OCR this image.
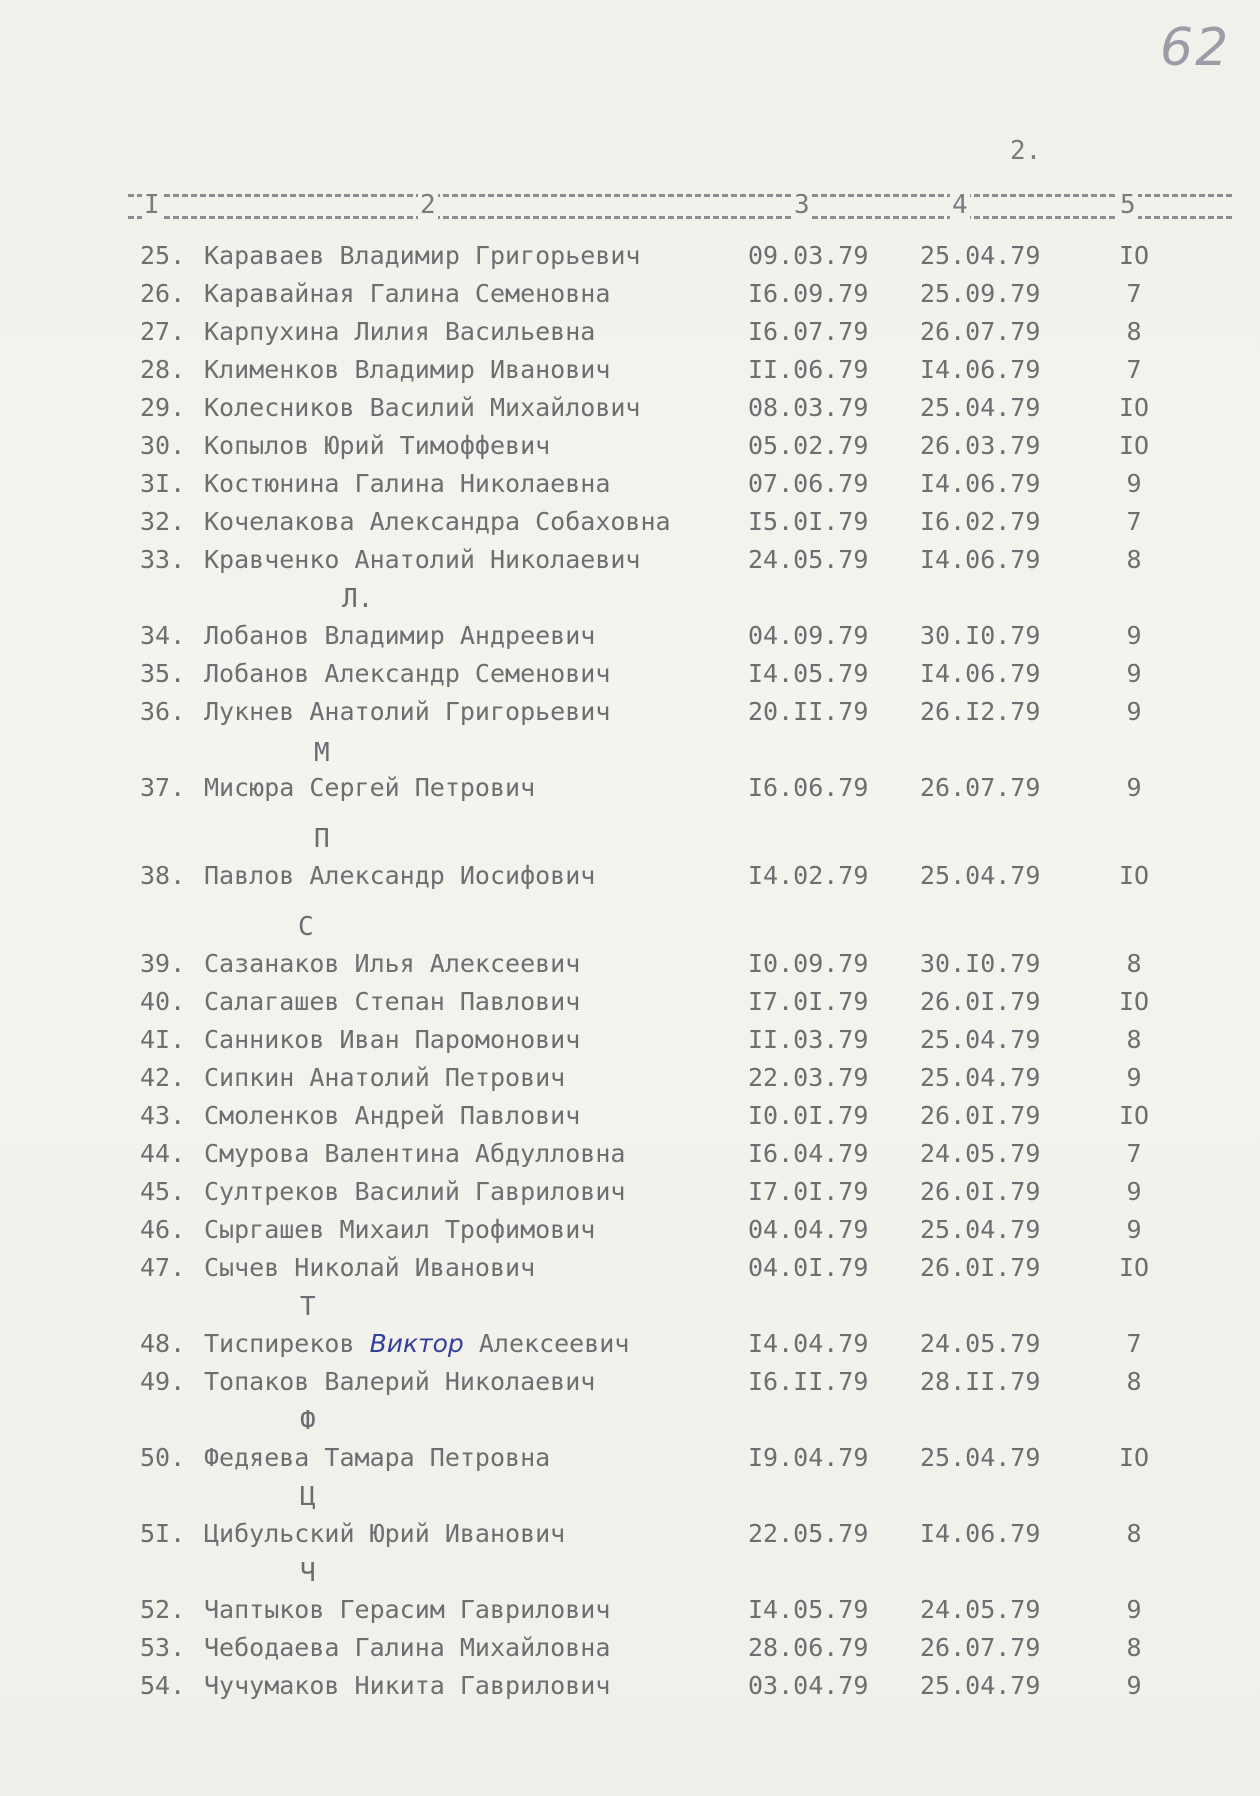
62
2.
I	2	3	4	5
25. Караваев Владимир Григорьевич	09.03.79 25.04.79	IO
26. Каравайная Галина Семеновна	I6.09.79 25.09.79	7
27. Карпухина Лилия Васильевна	I6.07.79 26.07.79	8
28. Клименков Владимир Иванович	II.06.79 I4.06.79	7
29. Колесников Василий Михайлович	08.03.79 25.04.79	IO
30. Копылов Юрий Тимоффевич	05.02.79 26.03.79	IO
3I. Костюнина Галина Николаевна	07.06.79 I4.06.79	9
32. Кочелакова Александра Собаховна	I5.0I.79 I6.02.79	7
33. Кравченко Анатолий Николаевич	24.05.79 I4.06.79	8
Л.
34. Лобанов Владимир Андреевич	04.09.79 30.I0.79	9
35. Лобанов Александр Семенович	I4.05.79 I4.06.79	9
36. Лукнев Анатолий Григорьевич	20.II.79 26.I2.79	9
М
37. Мисюра Сергей Петрович	I6.06.79 26.07.79	9
П
38. Павлов Александр Иосифович	I4.02.79 25.04.79	IO
С
39. Сазанаков Илья Алексеевич	I0.09.79 30.I0.79	8
40. Салагашев Степан Павлович	I7.0I.79 26.0I.79	IO
4I. Санников Иван Паромонович	II.03.79 25.04.79	8
42. Сипкин Анатолий Петрович	22.03.79 25.04.79	9
43. Смоленков Андрей Павлович	I0.0I.79 26.0I.79	IO
44. Смурова Валентина Абдулловна	I6.04.79 24.05.79	7
45. Султреков Василий Гаврилович	I7.0I.79 26.0I.79	9
46. Сыргашев Михаил Трофимович	04.04.79 25.04.79	9
47. Сычев Николай Иванович	04.0I.79 26.0I.79	IO
Т
48. Тиспиреков Виктор Алексеевич	I4.04.79 24.05.79	7
49. Топаков Валерий Николаевич	I6.II.79 28.II.79	8
Ф
50. Федяева Тамара Петровна	I9.04.79 25.04.79	IO
Ц
5I. Цибульский Юрий Иванович	22.05.79 I4.06.79	8
Ч
52. Чаптыков Герасим Гаврилович	I4.05.79 24.05.79	9
53. Чебодаева Галина Михайловна	28.06.79 26.07.79	8
54. Чучумаков Никита Гаврилович	03.04.79 25.04.79	9
